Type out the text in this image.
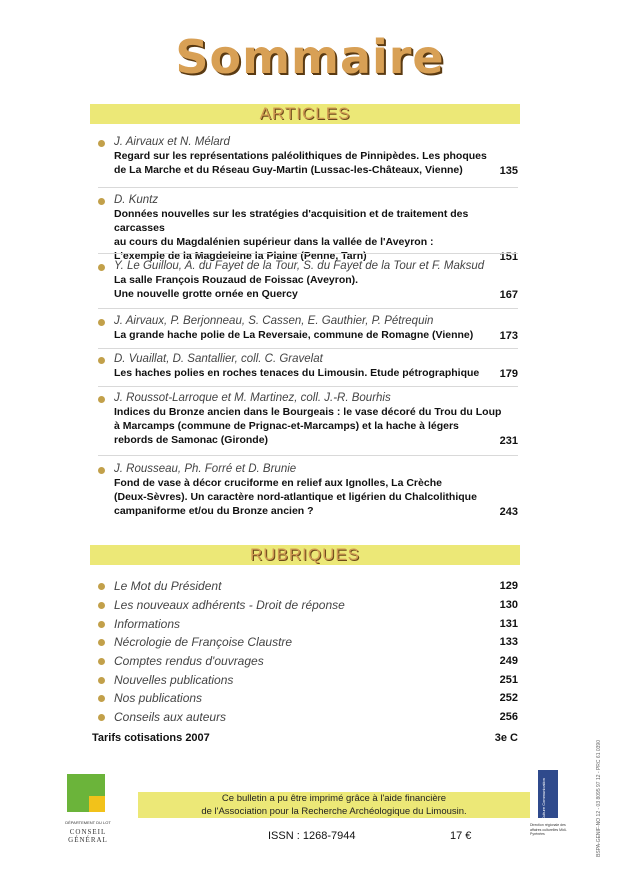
Sommaire
ARTICLES
J. Airvaux et N. Mélard
Regard sur les représentations paléolithiques de Pinnipèdes. Les phoques
de La Marche et du Réseau Guy-Martin (Lussac-les-Châteaux, Vienne)	135
D. Kuntz
Données nouvelles sur les stratégies d'acquisition et de traitement des carcasses
au cours du Magdalénien supérieur dans la vallée de l'Aveyron :
L'exemple de la Magdeleine la Plaine (Penne, Tarn)	151
Y. Le Guillou, A. du Fayet de la Tour, S. du Fayet de la Tour et F. Maksud
La salle François Rouzaud de Foissac (Aveyron).
Une nouvelle grotte ornée en Quercy	167
J. Airvaux, P. Berjonneau, S. Cassen, E. Gauthier, P. Pétrequin
La grande hache polie de La Reversaie, commune de Romagne (Vienne)	173
D. Vuaillat, D. Santallier, coll. C. Gravelat
Les haches polies en roches tenaces du Limousin. Etude pétrographique	179
J. Roussot-Larroque et M. Martinez, coll. J.-R. Bourhis
Indices du Bronze ancien dans le Bourgeais : le vase décoré du Trou du Loup
à Marcamps (commune de Prignac-et-Marcamps) et la hache à légers
rebords de Samonac (Gironde)	231
J. Rousseau, Ph. Forré et D. Brunie
Fond de vase à décor cruciforme en relief aux Ignolles, La Crèche
(Deux-Sèvres). Un caractère nord-atlantique et ligérien du Chalcolithique
campaniforme et/ou du Bronze ancien ?	243
RUBRIQUES
Le Mot du Président	129
Les nouveaux adhérents - Droit de réponse	130
Informations	131
Nécrologie de Françoise Claustre	133
Comptes rendus d'ouvrages	249
Nouvelles publications	251
Nos publications	252
Conseils aux auteurs	256
Tarifs cotisations 2007	3e C
DÉPARTEMENT DU LOT
CONSEIL
GÉNÉRAL
Ce bulletin a pu être imprimé grâce à l'aide financière
de l'Association pour la Recherche Archéologique du Limousin.
ISSN : 1268-7944	17 €
Culture Communication
Direction régionale des affaires culturelles Midi-Pyrénées	BSPA-GENIF-NO 12 - 03 8095 97 12 - PRC 61 0390
